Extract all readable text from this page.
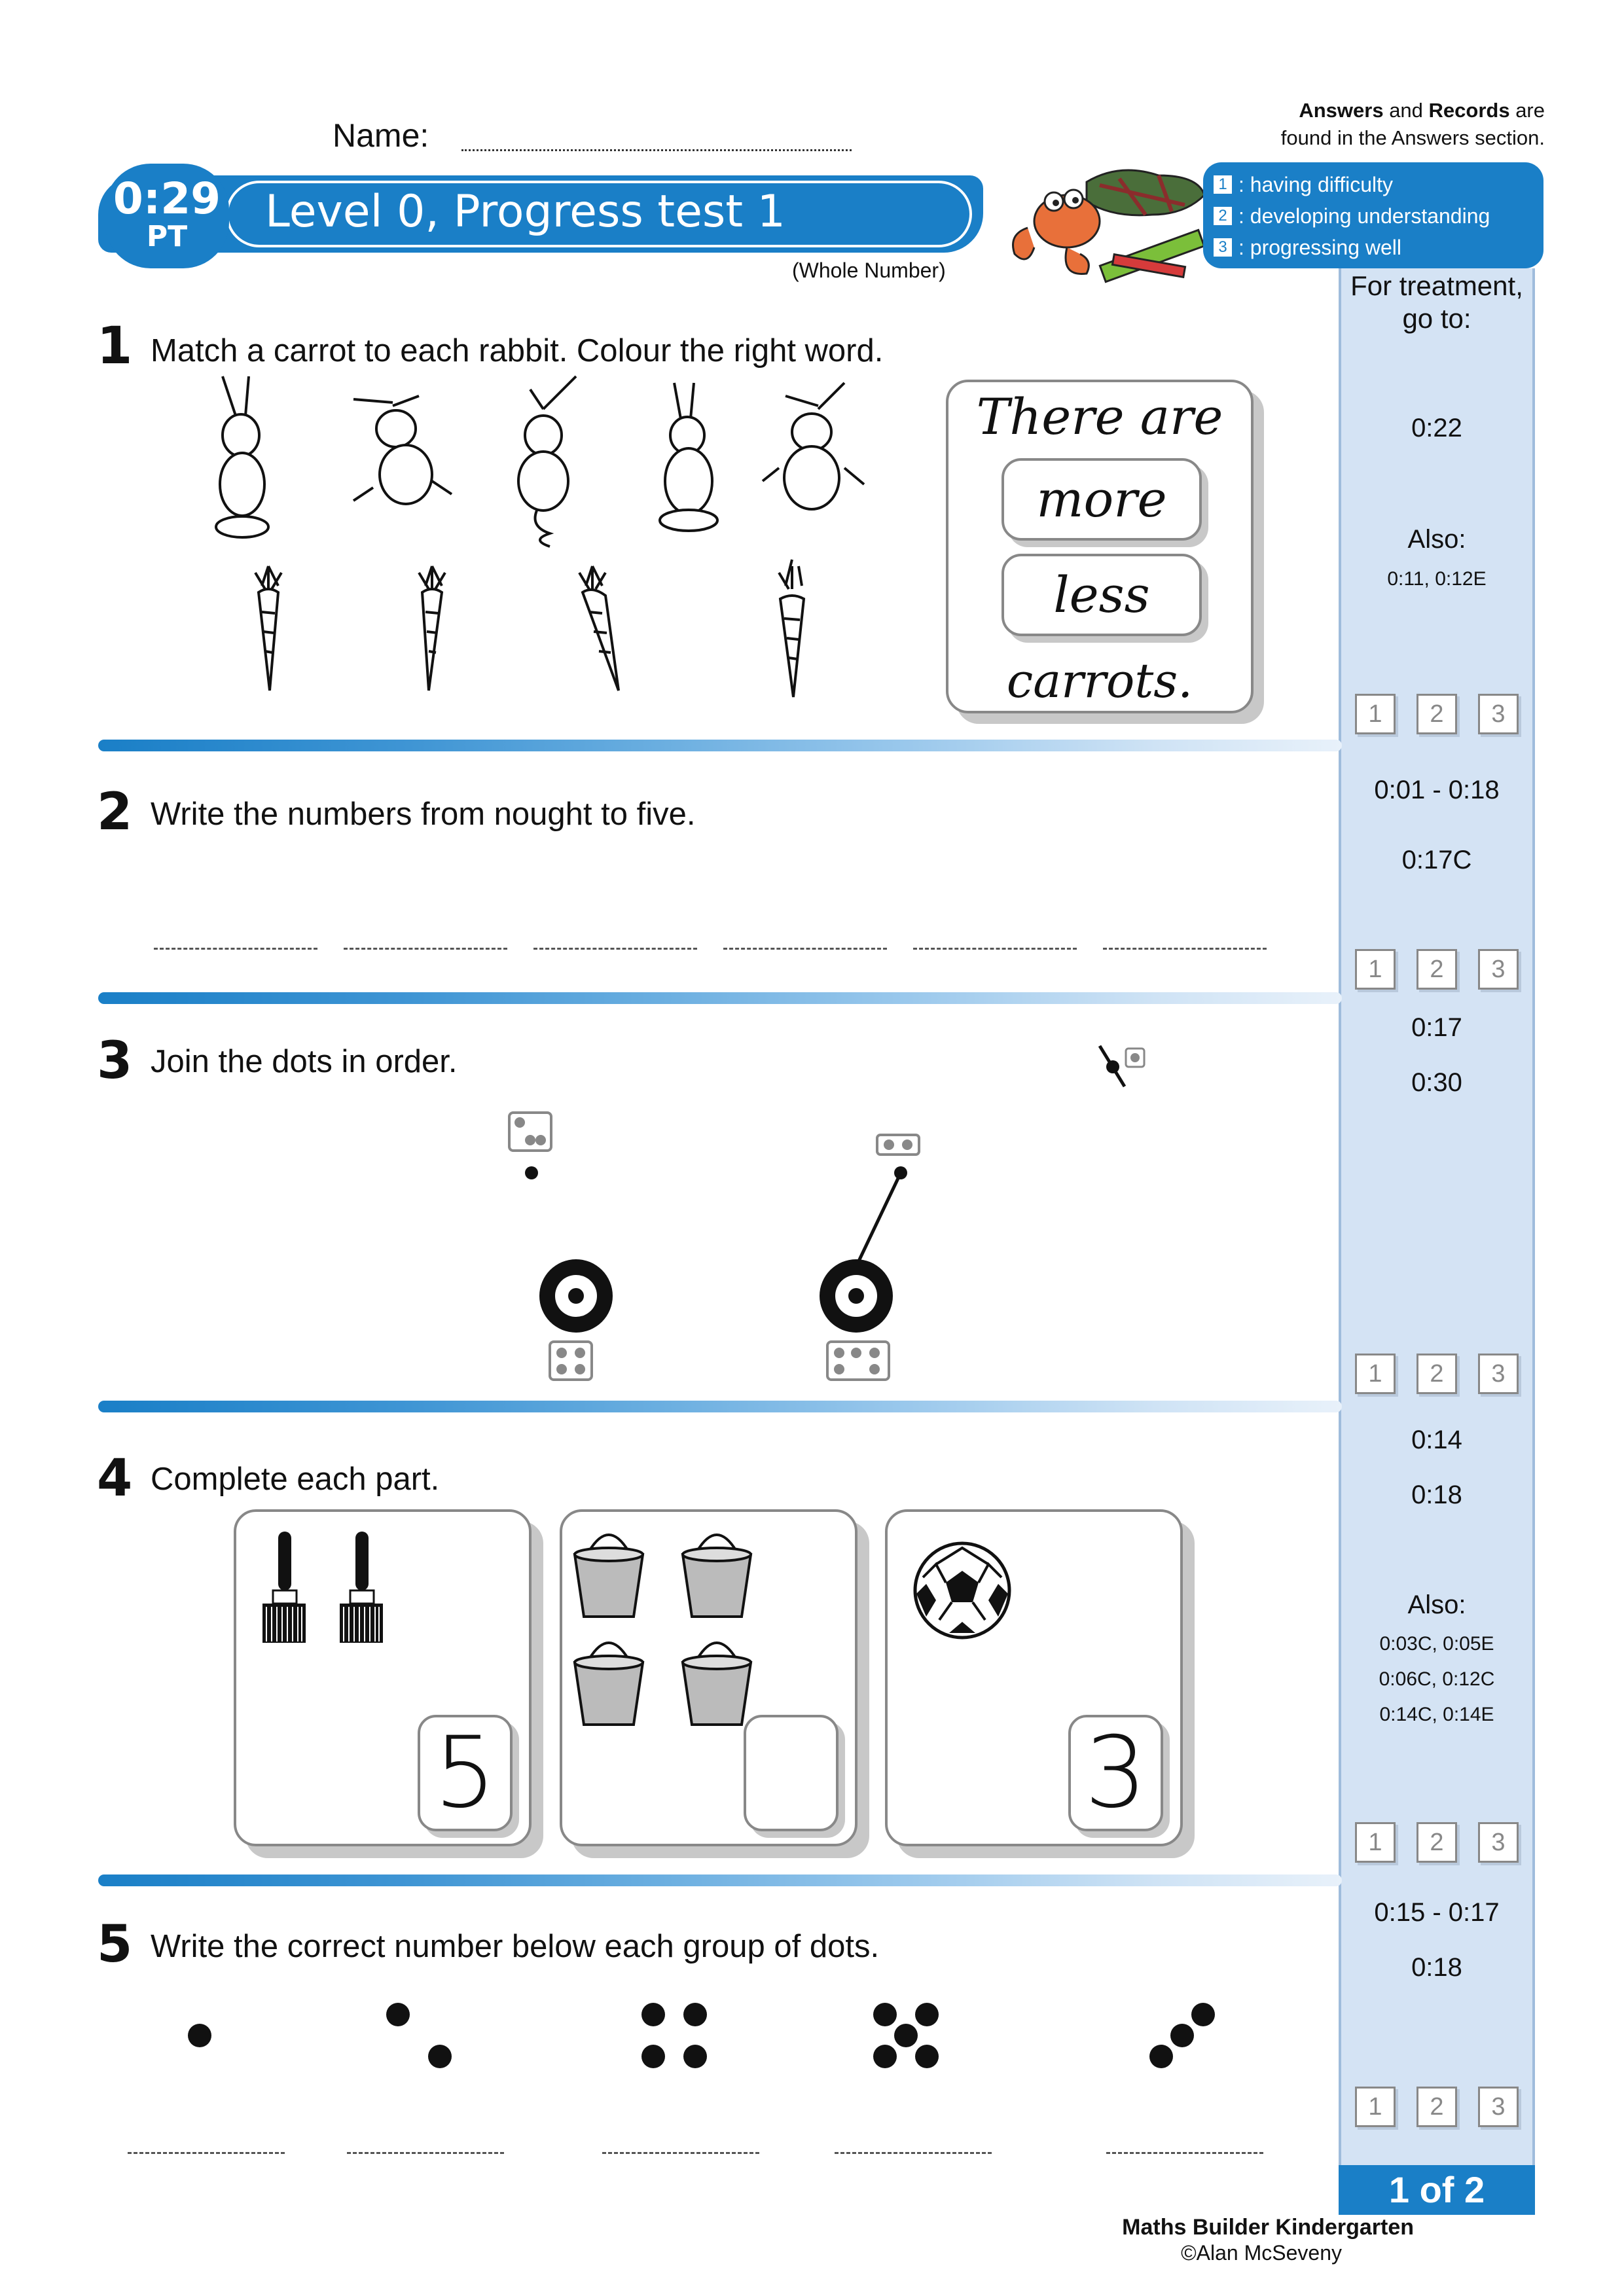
Name:
Answers and Records are
found in the Answers section.
0:29
PT	Level 0, Progress test 1
(Whole Number)
1 : having difficulty
2 : developing understanding
3 : progressing well
For treatment,
go to:
0:22
Also:
0:11, 0:12E
1	2	3
0:01 - 0:18
0:17C
1	2	3
0:17
0:30
1	2	3
0:14
0:18
Also:
0:03C, 0:05E
0:06C, 0:12C
0:14C, 0:14E
1	2	3
0:15 - 0:17
0:18
1	2	3
1 of 2
Maths Builder Kindergarten
©Alan McSeveny
1 Match a carrot to each rabbit. Colour the right word.
There are
more
less
carrots.
2 Write the numbers from nought to five.
3 Join the dots in order.
4 Complete each part.
5	3
5 Write the correct number below each group of dots.
